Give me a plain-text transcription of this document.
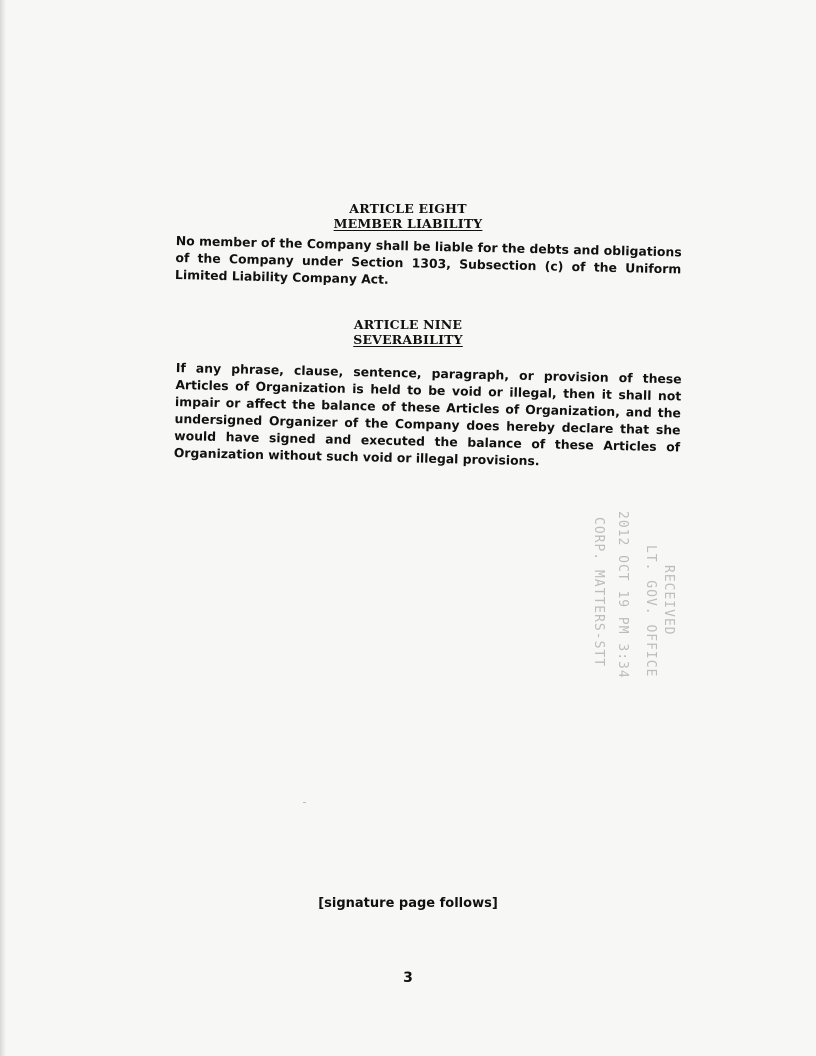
ARTICLE EIGHT
MEMBER LIABILITY

No member of the Company shall be liable for the debts and obligations of the Company under Section 1303, Subsection (c) of the Uniform Limited Liability Company Act.

ARTICLE NINE
SEVERABILITY

If any phrase, clause, sentence, paragraph, or provision of these Articles of Organization is held to be void or illegal, then it shall not impair or affect the balance of these Articles of Organization, and the undersigned Organizer of the Company does hereby declare that she would have signed and executed the balance of these Articles of Organization without such void or illegal provisions.

CORP. MATTERS-STT 2012 OCT 19 PM 3:34 LT. GOV. OFFICE RECEIVED
[signature page follows]
3
